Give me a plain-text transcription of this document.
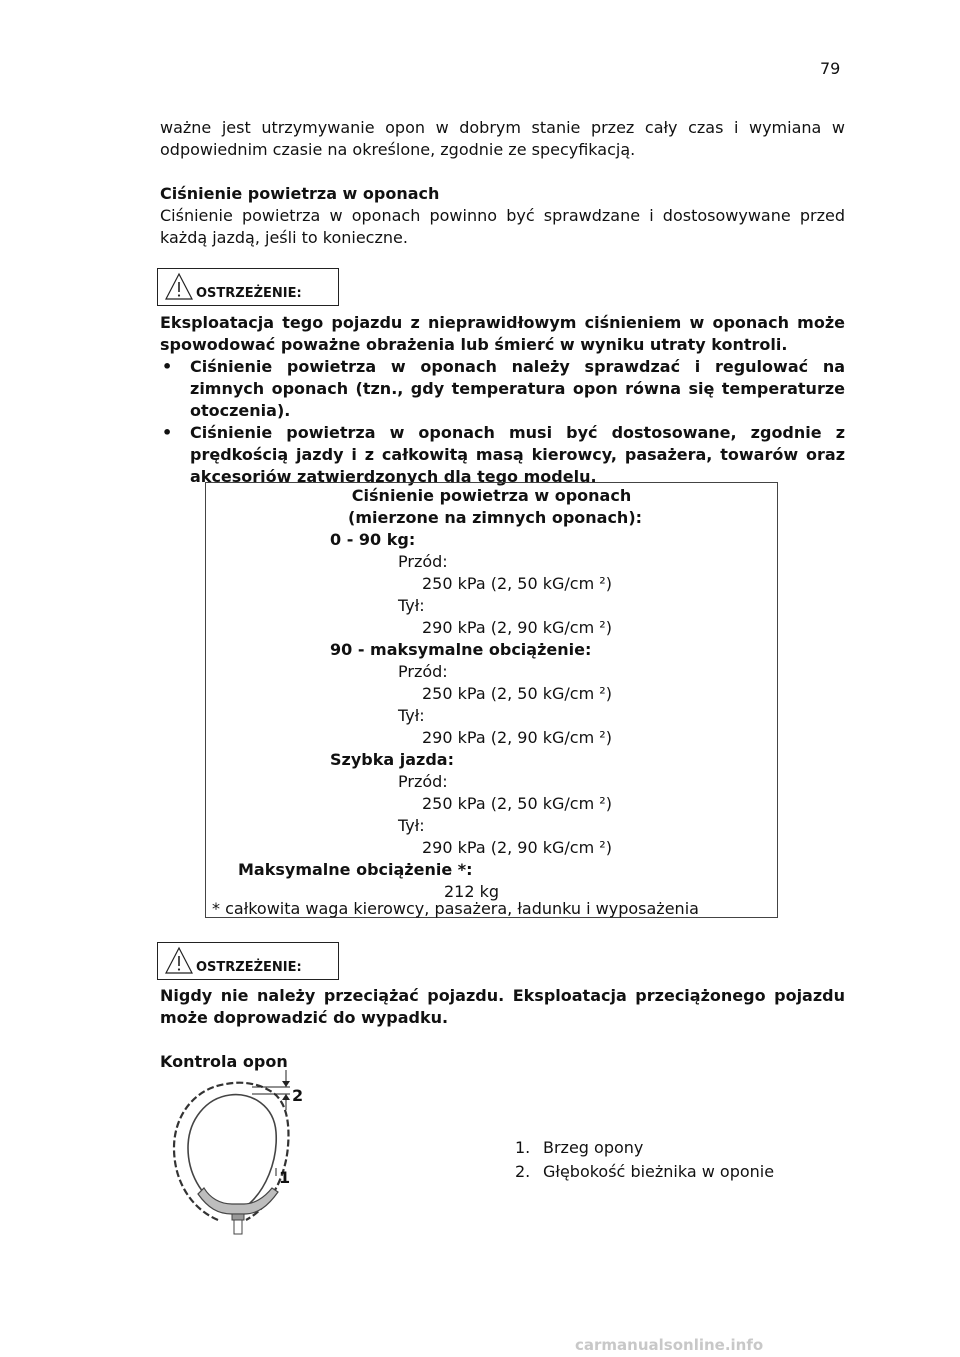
79
ważne jest utrzymywanie opon w dobrym stanie przez cały czas i wymiana w odpowiednim czasie na określone, zgodnie ze specyfikacją.
Ciśnienie powietrza w oponach
Ciśnienie powietrza w oponach powinno być sprawdzane i dostosowywane przed każdą jazdą, jeśli to konieczne.
OSTRZEŻENIE:
Eksploatacja tego pojazdu z nieprawidłowym ciśnieniem w oponach może spowodować poważne obrażenia lub śmierć w wyniku utraty kontroli.
• Ciśnienie powietrza w oponach należy sprawdzać i regulować na zimnych oponach (tzn., gdy temperatura opon równa się temperaturze otoczenia).
• Ciśnienie powietrza w oponach musi być dostosowane, zgodnie z prędkością jazdy i z całkowitą masą kierowcy, pasażera, towarów oraz akcesoriów zatwierdzonych dla tego modelu.
Ciśnienie powietrza w oponach
(mierzone na zimnych oponach):
0 - 90 kg:
Przód:
250 kPa (2, 50 kG/cm ²)
Tył:
290 kPa (2, 90 kG/cm ²)
90 - maksymalne obciążenie:
Przód:
250 kPa (2, 50 kG/cm ²)
Tył:
290 kPa (2, 90 kG/cm ²)
Szybka jazda:
Przód:
250 kPa (2, 50 kG/cm ²)
Tył:
290 kPa (2, 90 kG/cm ²)
Maksymalne obciążenie *:
212 kg
* całkowita waga kierowcy, pasażera, ładunku i wyposażenia
OSTRZEŻENIE:
Nigdy nie należy przeciążać pojazdu. Eksploatacja przeciążonego pojazdu może doprowadzić do wypadku.
Kontrola opon
2
1
1. Brzeg opony
2. Głębokość bieżnika w oponie
carmanualsonline.info
